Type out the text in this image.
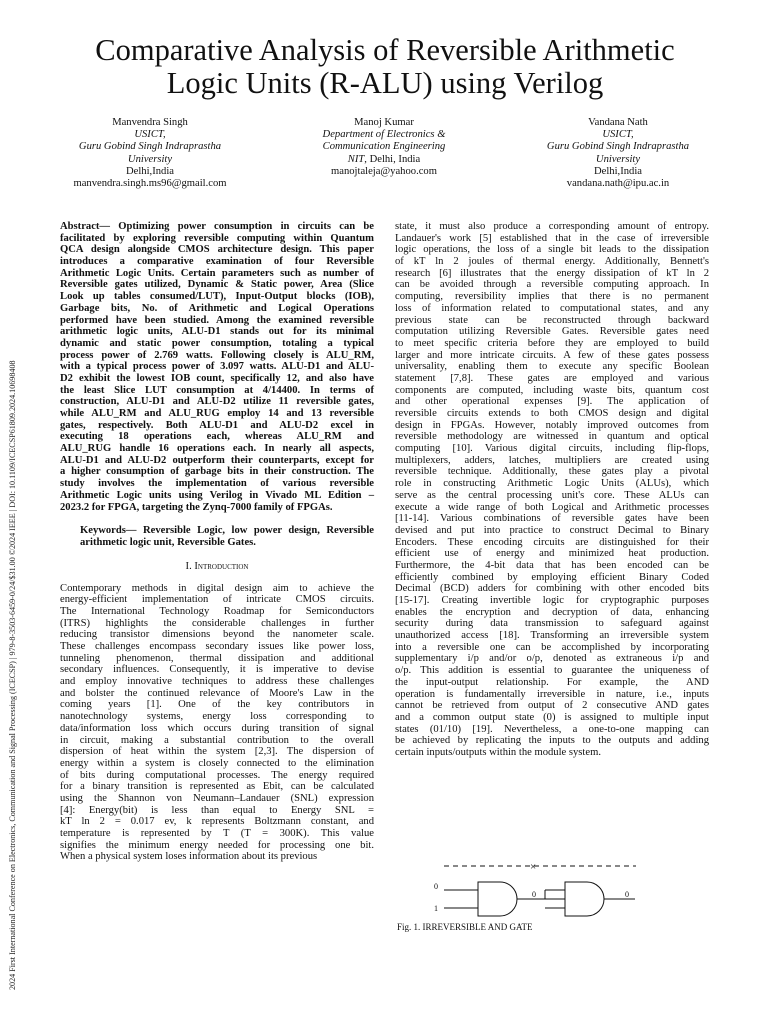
2024 First International Conference on Electronics, Communication and Signal Processing (ICECSP) | 979-8-3503-6459-0/24/$31.00 ©2024 IEEE | DOI: 10.1109/ICECSP61809.2024.10698408
Comparative Analysis of Reversible Arithmetic
Logic Units (R-ALU) using Verilog
Manvendra Singh
USICT,
Guru Gobind Singh Indraprastha
University
Delhi,India
manvendra.singh.ms96@gmail.com
Manoj Kumar
Department of Electronics &
Communication Engineering
NIT, Delhi, India
manojtaleja@yahoo.com
Vandana Nath
USICT,
Guru Gobind Singh Indraprastha
University
Delhi,India
vandana.nath@ipu.ac.in
Abstract— Optimizing power consumption in circuits can be
facilitated by exploring reversible computing within Quantum
QCA design alongside CMOS architecture design. This paper
introduces a comparative examination of four Reversible
Arithmetic Logic Units. Certain parameters such as number of
Reversible gates utilized, Dynamic & Static power, Area (Slice
Look up tables consumed/LUT), Input-Output blocks (IOB),
Garbage bits, No. of Arithmetic and Logical Operations
performed have been studied. Among the examined reversible
arithmetic logic units, ALU-D1 stands out for its minimal
dynamic and static power consumption, totaling a typical
process power of 2.769 watts. Following closely is ALU_RM,
with a typical process power of 3.097 watts. ALU-D1 and ALU-
D2 exhibit the lowest IOB count, specifically 12, and also have
the least Slice LUT consumption at 4/14400. In terms of
construction, ALU-D1 and ALU-D2 utilize 11 reversible gates,
while ALU_RM and ALU_RUG employ 14 and 13 reversible
gates, respectively. Both ALU-D1 and ALU-D2 excel in
executing 18 operations each, whereas ALU_RM and
ALU_RUG handle 16 operations each. In nearly all aspects,
ALU-D1 and ALU-D2 outperform their counterparts, except for
a higher consumption of garbage bits in their construction. The
study involves the implementation of various reversible
Arithmetic Logic units using Verilog in Vivado ML Edition –
2023.2 for FPGA, targeting the Zynq-7000 family of FPGAs.
Keywords— Reversible Logic, low power design, Reversible
arithmetic logic unit, Reversible Gates.
I. Introduction
Contemporary methods in digital design aim to achieve the
energy-efficient implementation of intricate CMOS circuits.
The International Technology Roadmap for Semiconductors
(ITRS) highlights the considerable challenges in further
reducing transistor dimensions beyond the nanometer scale.
These challenges encompass secondary issues like power loss,
tunneling phenomenon, thermal dissipation and additional
secondary influences. Consequently, it is imperative to devise
and employ innovative techniques to address these challenges
and bolster the continued relevance of Moore's Law in the
coming years [1]. One of the key contributors in
nanotechnology systems, energy loss corresponding to
data/information loss which occurs during transition of signal
in circuit, making a substantial contribution to the overall
dispersion of heat within the system [2,3]. The dispersion of
energy within a system is closely connected to the elimination
of bits during computational processes. The energy required
for a binary transition is represented as Ebit, can be calculated
using the Shannon von Neumann–Landauer (SNL) expression
[4]: Energy(bit) is less than equal to Energy SNL =
kT ln 2 = 0.017 ev, k represents Boltzmann constant, and
temperature is represented by T (T = 300K). This value
signifies the minimum energy needed for processing one bit.
When a physical system loses information about its previous
state, it must also produce a corresponding amount of entropy.
Landauer's work [5] established that in the case of irreversible
logic operations, the loss of a single bit leads to the dissipation
of kT ln 2 joules of thermal energy. Additionally, Bennett's
research [6] illustrates that the energy dissipation of kT ln 2
can be avoided through a reversible computing approach. In
computing, reversibility implies that there is no permanent
loss of information related to computational states, and any
previous state can be reconstructed through backward
computation utilizing Reversible Gates. Reversible gates need
to meet specific criteria before they are employed to build
larger and more intricate circuits. A few of these gates possess
universality, enabling them to execute any specific Boolean
statement [7,8]. These gates are employed and various
components are computed, including waste bits, quantum cost
and other operational expenses [9]. The application of
reversible circuits extends to both CMOS design and digital
design in FPGAs. However, notably improved outcomes from
reversible methodology are witnessed in quantum and optical
computing [10]. Various digital circuits, including flip-flops,
multiplexers, adders, latches, multipliers are created using
reversible technique. Additionally, these gates play a pivotal
role in constructing Arithmetic Logic Units (ALUs), which
serve as the central processing unit's core. These ALUs can
execute a wide range of both Logical and Arithmetic processes
[11-14]. Various combinations of reversible gates have been
devised and put into practice to construct Decimal to Binary
Encoders. These encoding circuits are distinguished for their
efficient use of energy and minimized heat production.
Furthermore, the 4-bit data that has been encoded can be
efficiently combined by employing efficient Binary Coded
Decimal (BCD) adders for combining with other encoded bits
[15-17]. Creating invertible logic for cryptographic purposes
enables the encryption and decryption of data, enhancing
security during data transmission to safeguard against
unauthorized access [18]. Transforming an irreversible system
into a reversible one can be accomplished by incorporating
supplementary i/p and/or o/p, denoted as extraneous i/p and
o/p. This addition is essential to guarantee the uniqueness of
the input-output relationship. For example, the AND
operation is fundamentally irreversible in nature, i.e., inputs
cannot be retrieved from output of 2 consecutive AND gates
and a common output state (0) is assigned to multiple input
states (01/10) [19]. Nevertheless, a one-to-one mapping can
be achieved by replicating the inputs to the outputs and adding
certain inputs/outputs within the module system.
0
1
0	0
×
Fig. 1. IRREVERSIBLE AND GATE
